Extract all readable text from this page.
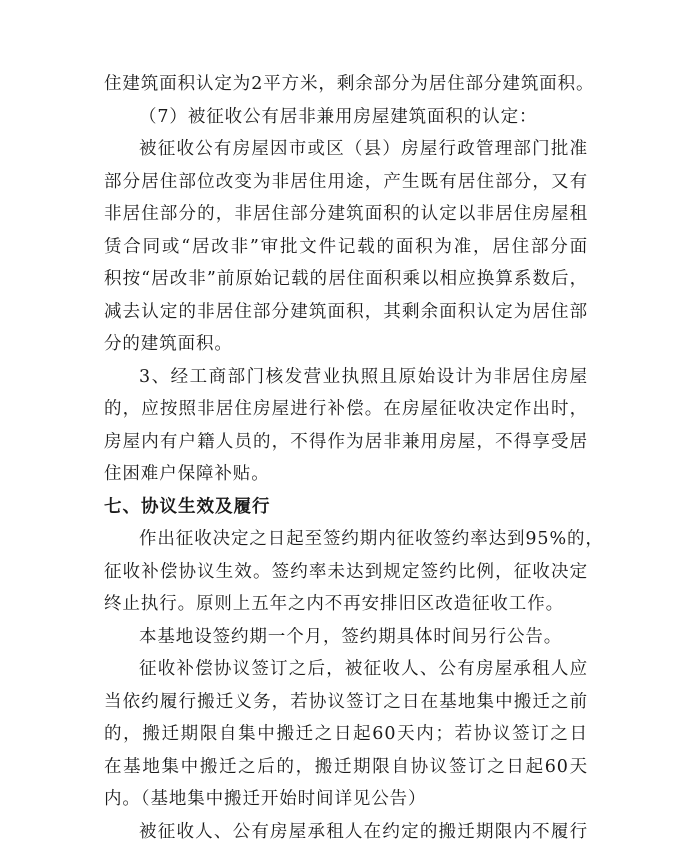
住建筑面积认定为2平方米，剩余部分为居住部分建筑面积。
（7）被征收公有居非兼用房屋建筑面积的认定：
被征收公有房屋因市或区（县）房屋行政管理部门批准
部分居住部位改变为非居住用途，产生既有居住部分，又有
非居住部分的，非居住部分建筑面积的认定以非居住房屋租
赁合同或“居改非”审批文件记载的面积为准，居住部分面
积按“居改非”前原始记载的居住面积乘以相应换算系数后，
减去认定的非居住部分建筑面积，其剩余面积认定为居住部
分的建筑面积。
3、经工商部门核发营业执照且原始设计为非居住房屋
的，应按照非居住房屋进行补偿。在房屋征收决定作出时，
房屋内有户籍人员的，不得作为居非兼用房屋，不得享受居
住困难户保障补贴。
七、协议生效及履行
作出征收决定之日起至签约期内征收签约率达到95%的，
征收补偿协议生效。签约率未达到规定签约比例，征收决定
终止执行。原则上五年之内不再安排旧区改造征收工作。
本基地设签约期一个月，签约期具体时间另行公告。
征收补偿协议签订之后，被征收人、公有房屋承租人应
当依约履行搬迁义务，若协议签订之日在基地集中搬迁之前
的，搬迁期限自集中搬迁之日起60天内；若协议签订之日
在基地集中搬迁之后的，搬迁期限自协议签订之日起60天
内。（基地集中搬迁开始时间详见公告）
被征收人、公有房屋承租人在约定的搬迁期限内不履行
